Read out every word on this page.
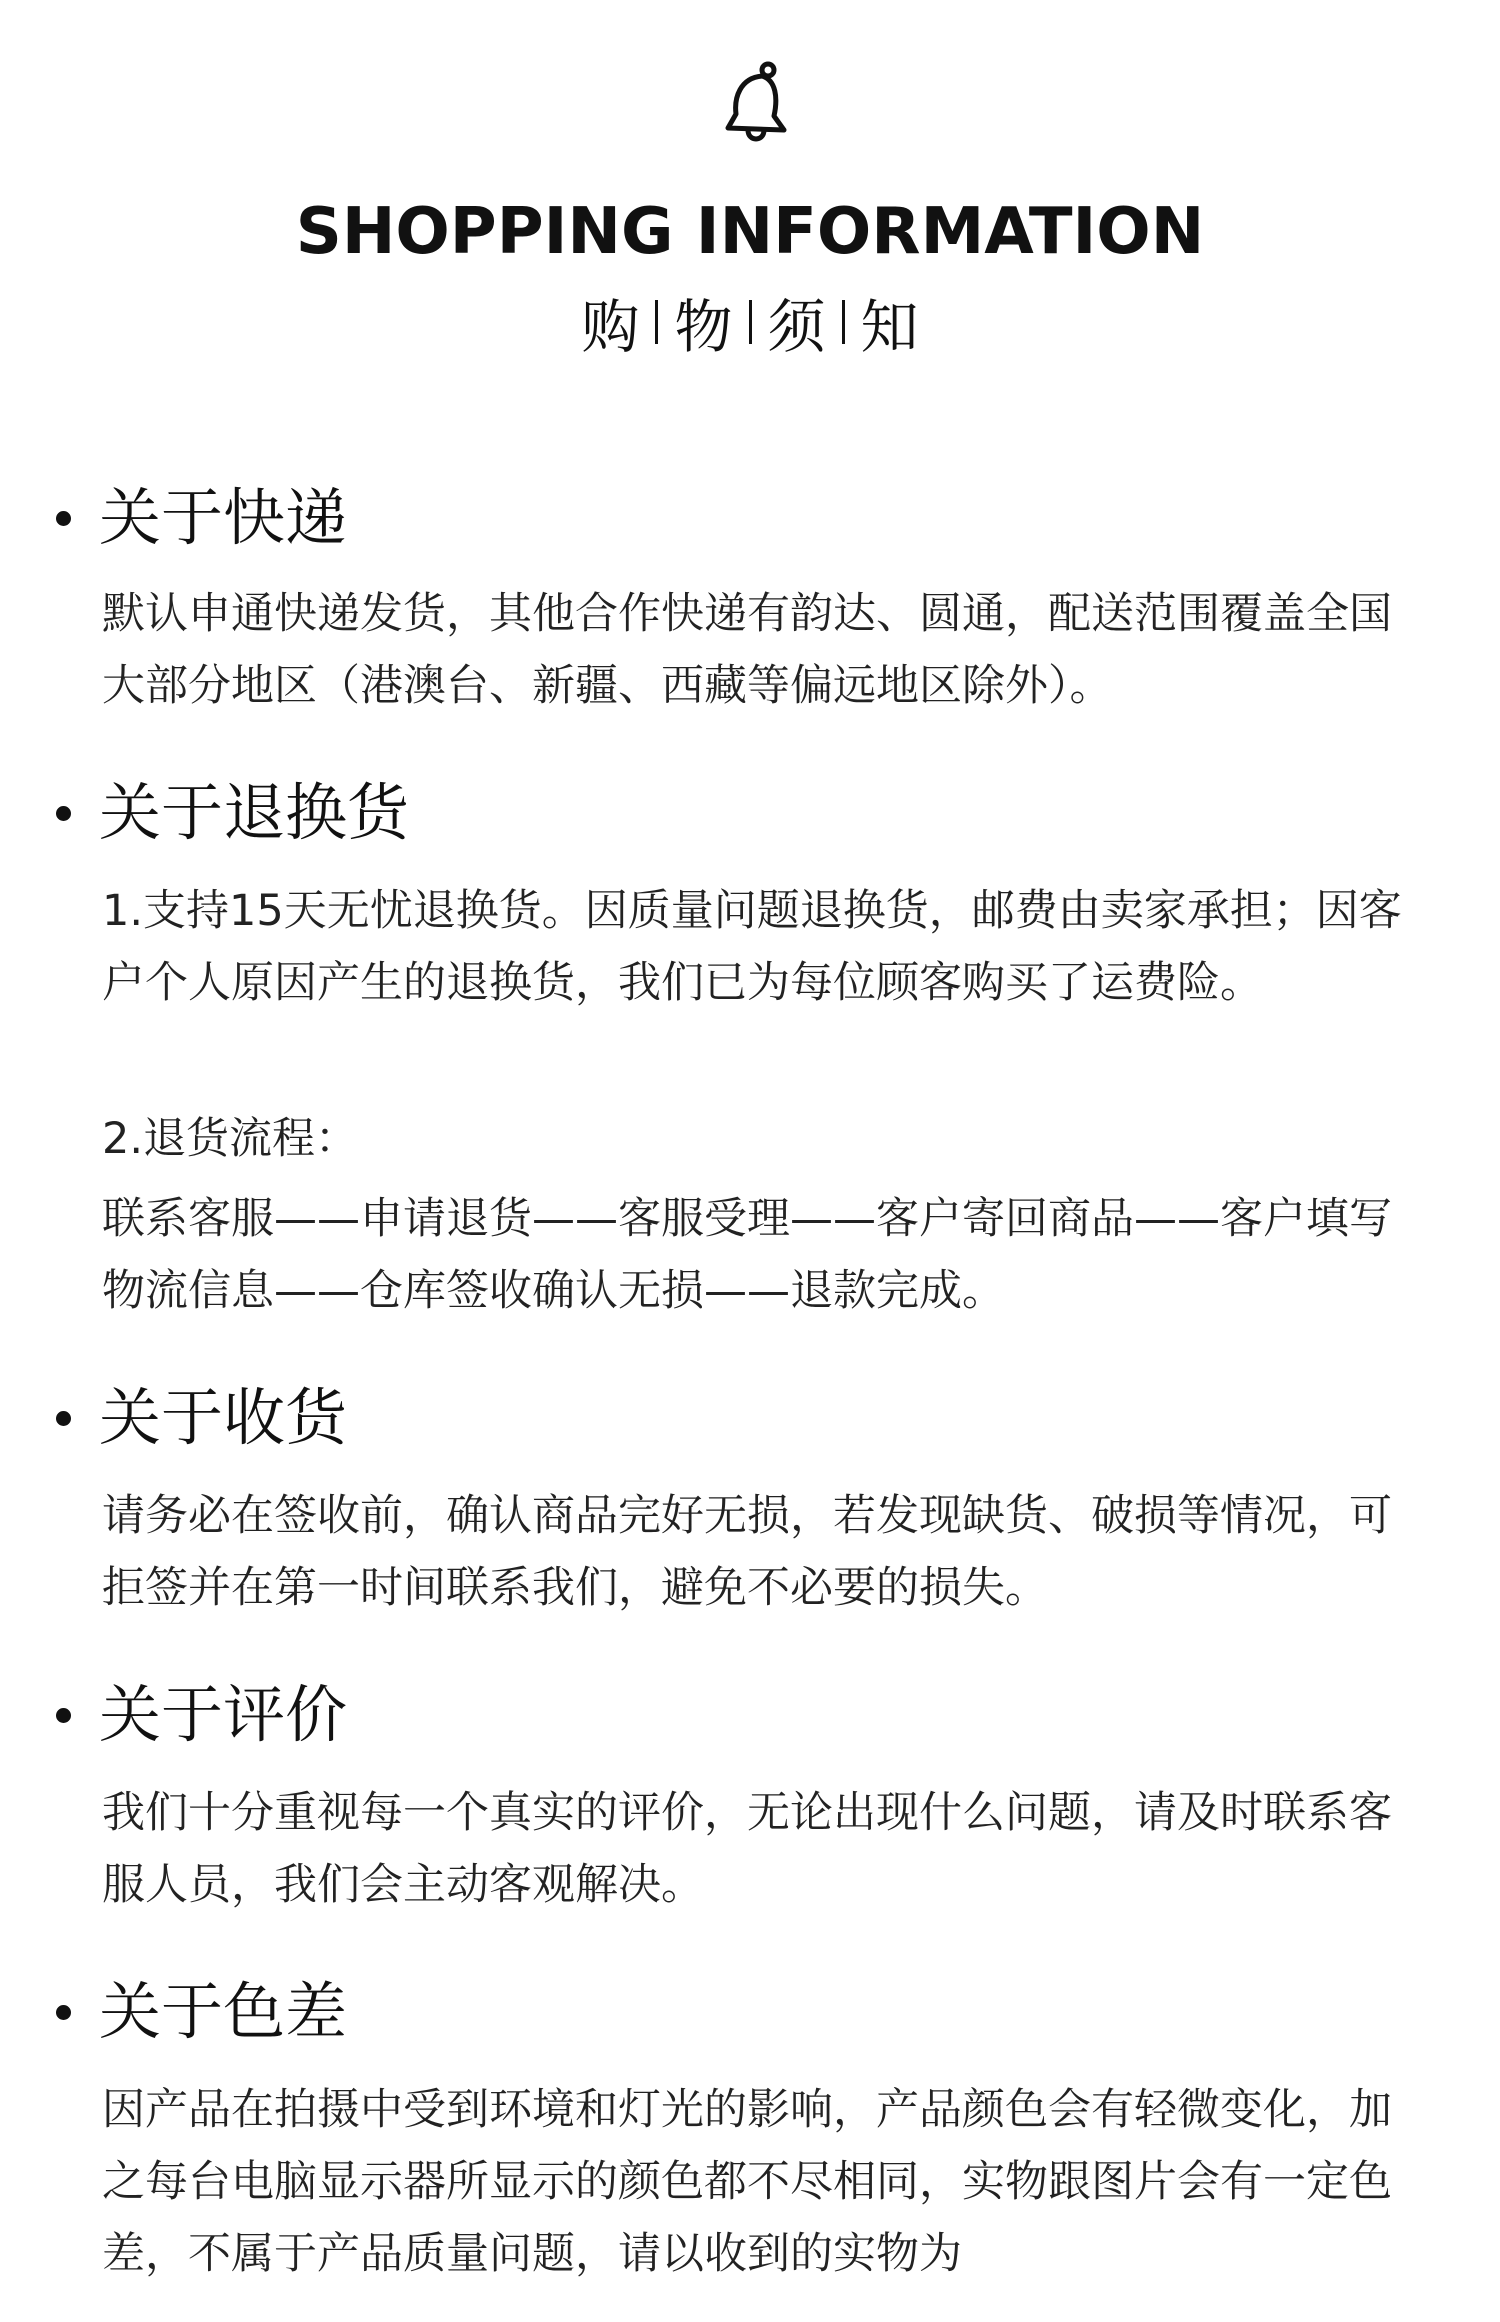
SHOPPING INFORMATION
购 物 须 知
关于快递

默认申通快递发货，其他合作快递有韵达、圆通，配送范围覆盖全国大部分地区（港澳台、新疆、西藏等偏远地区除外）。

关于退换货

1.支持15天无忧退换货。因质量问题退换货，邮费由卖家承担；因客户个人原因产生的退换货，我们已为每位顾客购买了运费险。

2.退货流程：

联系客服——申请退货——客服受理——客户寄回商品——客户填写物流信息——仓库签收确认无损——退款完成。

关于收货

请务必在签收前，确认商品完好无损，若发现缺货、破损等情况，可拒签并在第一时间联系我们，避免不必要的损失。

关于评价

我们十分重视每一个真实的评价，无论出现什么问题，请及时联系客服人员，我们会主动客观解决。

关于色差

因产品在拍摄中受到环境和灯光的影响，产品颜色会有轻微变化，加之每台电脑显示器所显示的颜色都不尽相同，实物跟图片会有一定色差，不属于产品质量问题，请以收到的实物为
